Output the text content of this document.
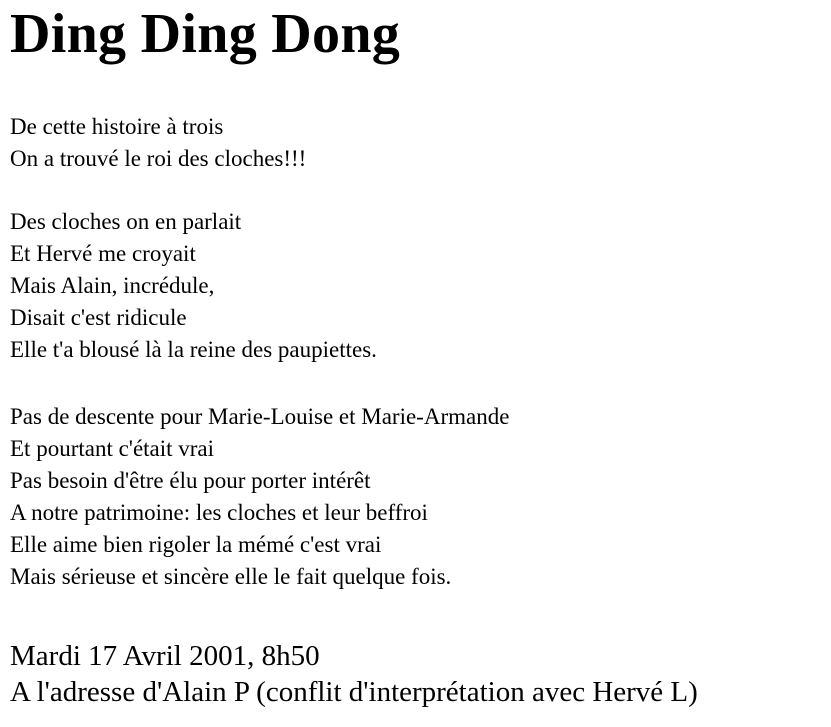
Ding Ding Dong
De cette histoire à trois
On a trouvé le roi des cloches!!!
Des cloches on en parlait
Et Hervé me croyait
Mais Alain, incrédule,
Disait c'est ridicule
Elle t'a blousé là la reine des paupiettes.
Pas de descente pour Marie-Louise et Marie-Armande
Et pourtant c'était vrai
Pas besoin d'être élu pour porter intérêt
A notre patrimoine: les cloches et leur beffroi
Elle aime bien rigoler la mémé c'est vrai
Mais sérieuse et sincère elle le fait quelque fois.
Mardi 17 Avril 2001, 8h50
A l'adresse d'Alain P (conflit d'interprétation avec Hervé L)
